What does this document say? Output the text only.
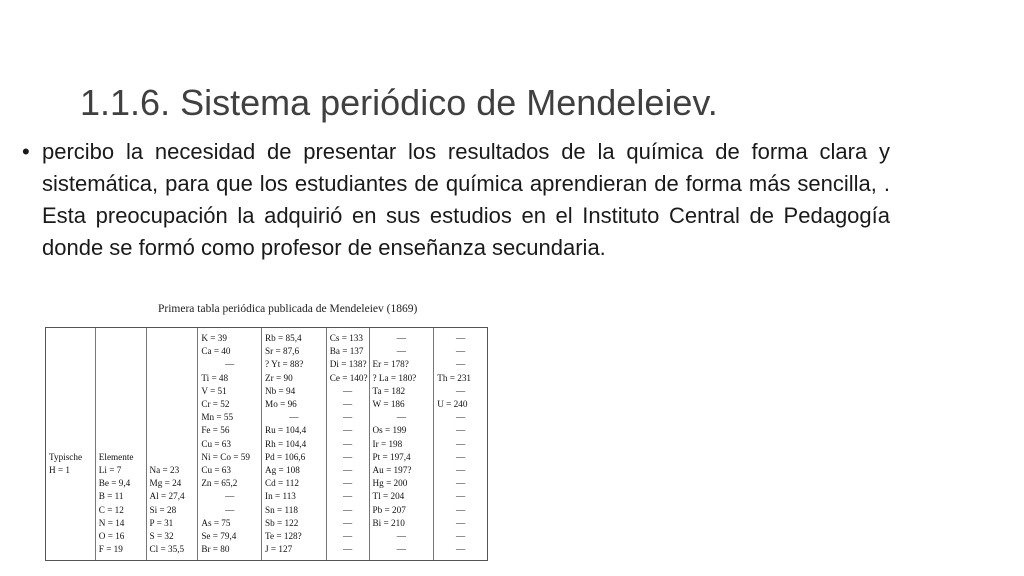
1.1.6. Sistema periódico de Mendeleiev.
• percibo la necesidad de presentar los resultados de la química de forma clara y sistemática, para que los estudiantes de química aprendieran de forma más sencilla, . Esta preocupación la adquirió en sus estudios en el Instituto Central de Pedagogía donde se formó como profesor de enseñanza secundaria.

Primera tabla periódica publicada de Mendeleiev (1869)
Typische
H = 1
Elemente
Li = 7
Be = 9,4
B = 11
C = 12
N = 14
O = 16
F = 19
Na = 23
Mg = 24
Al = 27,4
Si = 28
P = 31
S = 32
Cl = 35,5
K = 39
Ca = 40
—
Ti = 48
V = 51
Cr = 52
Mn = 55
Fe = 56
Cu = 63
Ni = Co = 59
Cu = 63
Zn = 65,2
—
—
As = 75
Se = 79,4
Br = 80
Rb = 85,4
Sr = 87,6
? Yt = 88?
Zr = 90
Nb = 94
Mo = 96
—
Ru = 104,4
Rh = 104,4
Pd = 106,6
Ag = 108
Cd = 112
In = 113
Sn = 118
Sb = 122
Te = 128?
J = 127
Cs = 133
Ba = 137
Di = 138?
Ce = 140?
—
—
—
—
—
—
—
—
—
—
—
—
—
—
—
Er = 178?
? La = 180?
Ta = 182
W = 186
—
Os = 199
Ir = 198
Pt = 197,4
Au = 197?
Hg = 200
Tl = 204
Pb = 207
Bi = 210
—
—
—
—
—
Th = 231
—
U = 240
—
—
—
—
—
—
—
—
—
—
—
